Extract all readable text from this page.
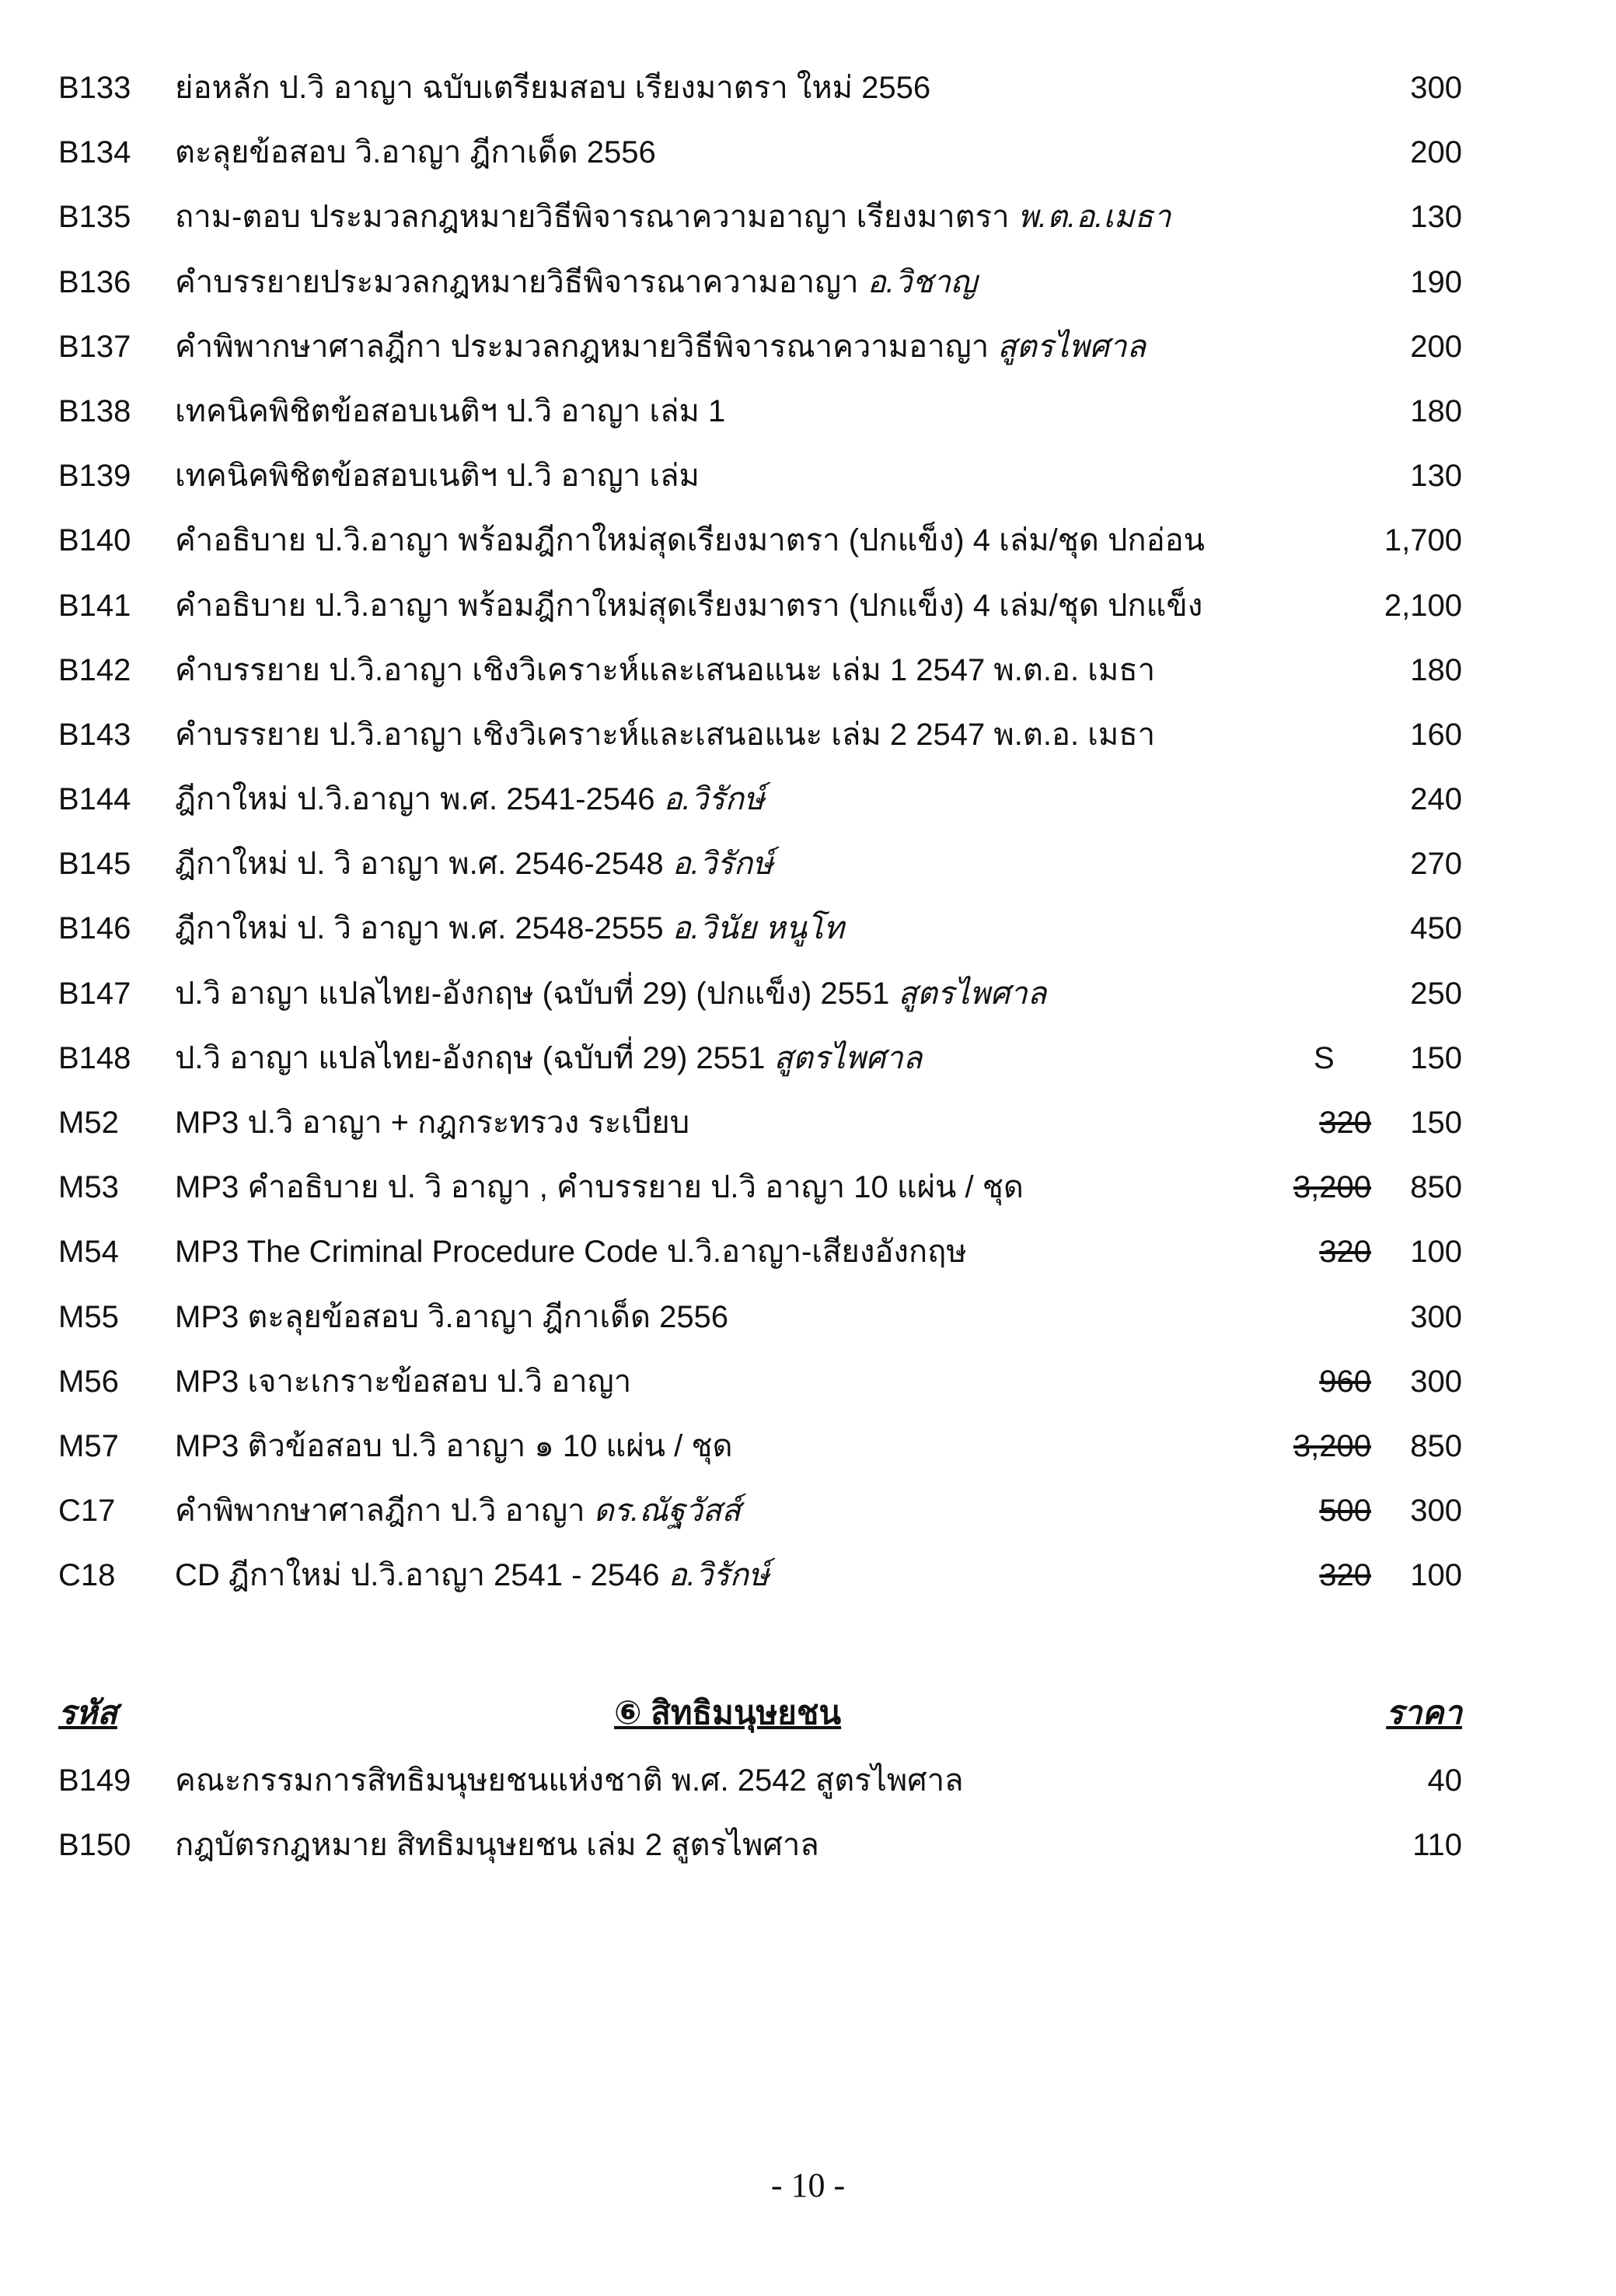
B133 ย่อหลัก ป.วิ อาญา ฉบับเตรียมสอบ เรียงมาตรา ใหม่ 2556	300
B134 ตะลุยข้อสอบ วิ.อาญา ฎีกาเด็ด 2556	200
B135 ถาม-ตอบ ประมวลกฎหมายวิธีพิจารณาความอาญา เรียงมาตรา พ.ต.อ.เมธา	130
B136 คำบรรยายประมวลกฎหมายวิธีพิจารณาความอาญา อ.วิชาญ	190
B137 คำพิพากษาศาลฎีกา ประมวลกฎหมายวิธีพิจารณาความอาญา สูตรไพศาล	200
B138 เทคนิคพิชิตข้อสอบเนติฯ ป.วิ อาญา เล่ม 1	180
B139 เทคนิคพิชิตข้อสอบเนติฯ ป.วิ อาญา เล่ม	130
B140 คำอธิบาย ป.วิ.อาญา พร้อมฎีกาใหม่สุดเรียงมาตรา (ปกแข็ง) 4 เล่ม/ชุด ปกอ่อน	1,700
B141 คำอธิบาย ป.วิ.อาญา พร้อมฎีกาใหม่สุดเรียงมาตรา (ปกแข็ง) 4 เล่ม/ชุด ปกแข็ง	2,100
B142 คำบรรยาย ป.วิ.อาญา เชิงวิเคราะห์และเสนอแนะ เล่ม 1 2547 พ.ต.อ. เมธา	180
B143 คำบรรยาย ป.วิ.อาญา เชิงวิเคราะห์และเสนอแนะ เล่ม 2 2547 พ.ต.อ. เมธา	160
B144 ฎีกาใหม่ ป.วิ.อาญา พ.ศ. 2541-2546 อ.วิรักษ์	240
B145 ฎีกาใหม่ ป. วิ อาญา พ.ศ. 2546-2548 อ.วิรักษ์	270
B146 ฎีกาใหม่ ป. วิ อาญา พ.ศ. 2548-2555 อ.วินัย หนูโท	450
B147 ป.วิ อาญา แปลไทย-อังกฤษ (ฉบับที่ 29) (ปกแข็ง) 2551 สูตรไพศาล	250
B148 ป.วิ อาญา แปลไทย-อังกฤษ (ฉบับที่ 29) 2551 สูตรไพศาล	S 150
M52 MP3 ป.วิ อาญา + กฎกระทรวง ระเบียบ	320 150
M53 MP3 คำอธิบาย ป. วิ อาญา , คำบรรยาย ป.วิ อาญา 10 แผ่น / ชุด	3,200 850
M54 MP3 The Criminal Procedure Code ป.วิ.อาญา-เสียงอังกฤษ	320 100
M55 MP3 ตะลุยข้อสอบ วิ.อาญา ฎีกาเด็ด 2556	300
M56 MP3 เจาะเกราะข้อสอบ ป.วิ อาญา	960 300
M57 MP3 ติวข้อสอบ ป.วิ อาญา ๑ 10 แผ่น / ชุด	3,200 850
C17 คำพิพากษาศาลฎีกา ป.วิ อาญา ดร.ณัฐวัสส์	500 300
C18 CD ฎีกาใหม่ ป.วิ.อาญา 2541 - 2546 อ.วิรักษ์	320 100
รหัส	⑥ สิทธิมนุษยชน	ราคา
B149 คณะกรรมการสิทธิมนุษยชนแห่งชาติ พ.ศ. 2542 สูตรไพศาล	40
B150 กฎบัตรกฎหมาย สิทธิมนุษยชน เล่ม 2 สูตรไพศาล	110
- 10 -
